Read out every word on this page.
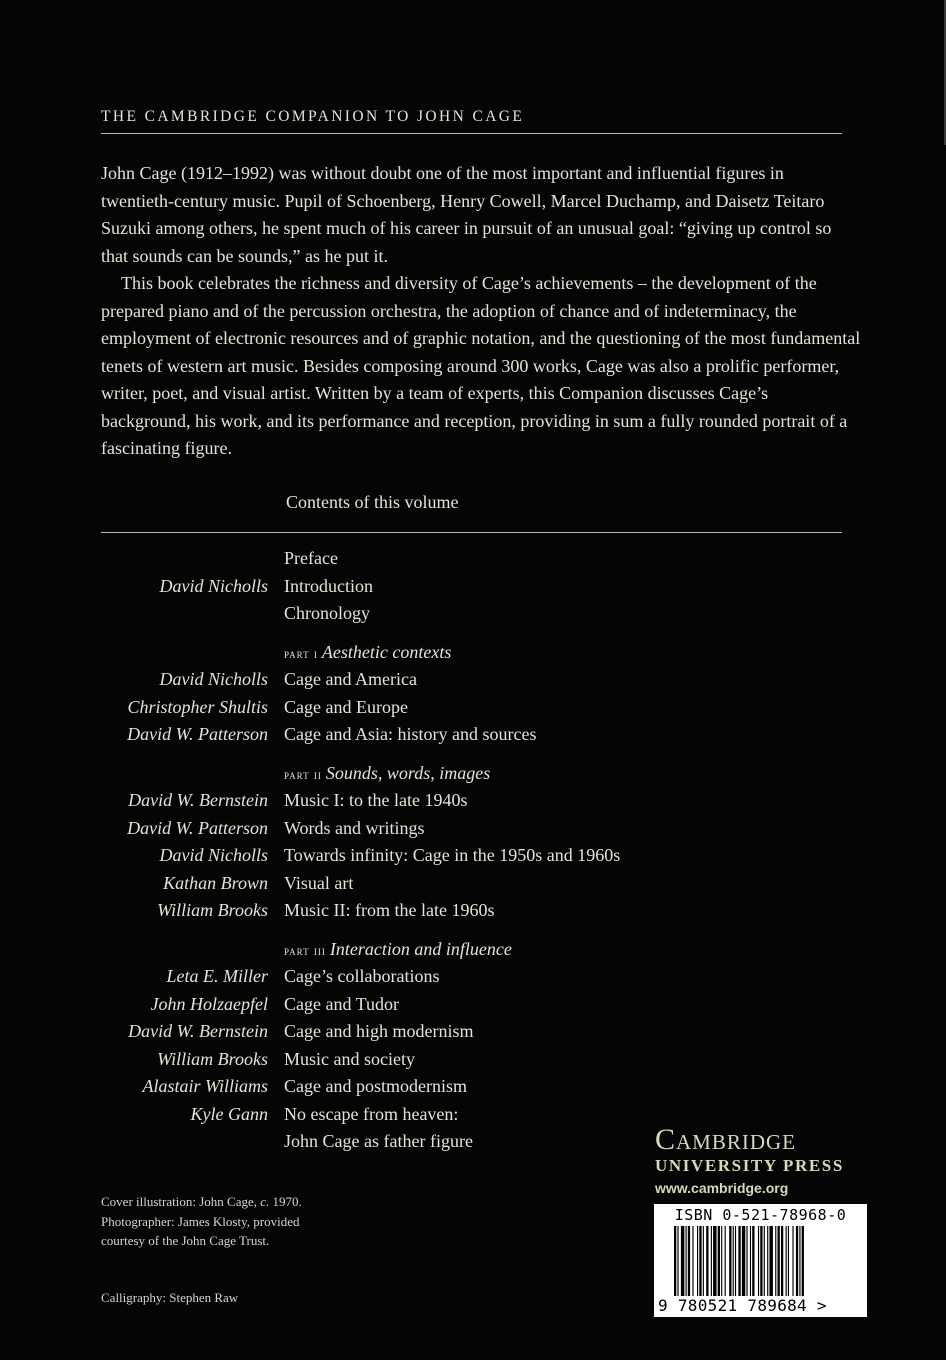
THE CAMBRIDGE COMPANION TO JOHN CAGE

John Cage (1912–1992) was without doubt one of the most important and influential figures in twentieth-century music. Pupil of Schoenberg, Henry Cowell, Marcel Duchamp, and Daisetz Teitaro Suzuki among others, he spent much of his career in pursuit of an unusual goal: “giving up control so that sounds can be sounds,” as he put it.

This book celebrates the richness and diversity of Cage’s achievements – the development of the prepared piano and of the percussion orchestra, the adoption of chance and of indeterminacy, the employment of electronic resources and of graphic notation, and the questioning of the most fundamental tenets of western art music. Besides composing around 300 works, Cage was also a prolific performer, writer, poet, and visual artist. Written by a team of experts, this Companion discusses Cage’s background, his work, and its performance and reception, providing in sum a fully rounded portrait of a fascinating figure.

Contents of this volume
Preface
David Nicholls Introduction
Chronology
part i Aesthetic contexts
David Nicholls Cage and America
Christopher Shultis Cage and Europe
David W. Patterson Cage and Asia: history and sources
part ii Sounds, words, images
David W. Bernstein Music I: to the late 1940s
David W. Patterson Words and writings
David Nicholls Towards infinity: Cage in the 1950s and 1960s
Kathan Brown Visual art
William Brooks Music II: from the late 1960s
part iii Interaction and influence
Leta E. Miller Cage’s collaborations
John Holzaepfel Cage and Tudor
David W. Bernstein Cage and high modernism
William Brooks Music and society
Alastair Williams Cage and postmodernism
Kyle Gann No escape from heaven:
John Cage as father figure
Cover illustration: John Cage, c. 1970.
Photographer: James Klosty, provided
courtesy of the John Cage Trust.
Calligraphy: Stephen Raw
Cambridge
UNIVERSITY PRESS
www.cambridge.org
ISBN 0-521-78968-0
9 780521 789684 >
